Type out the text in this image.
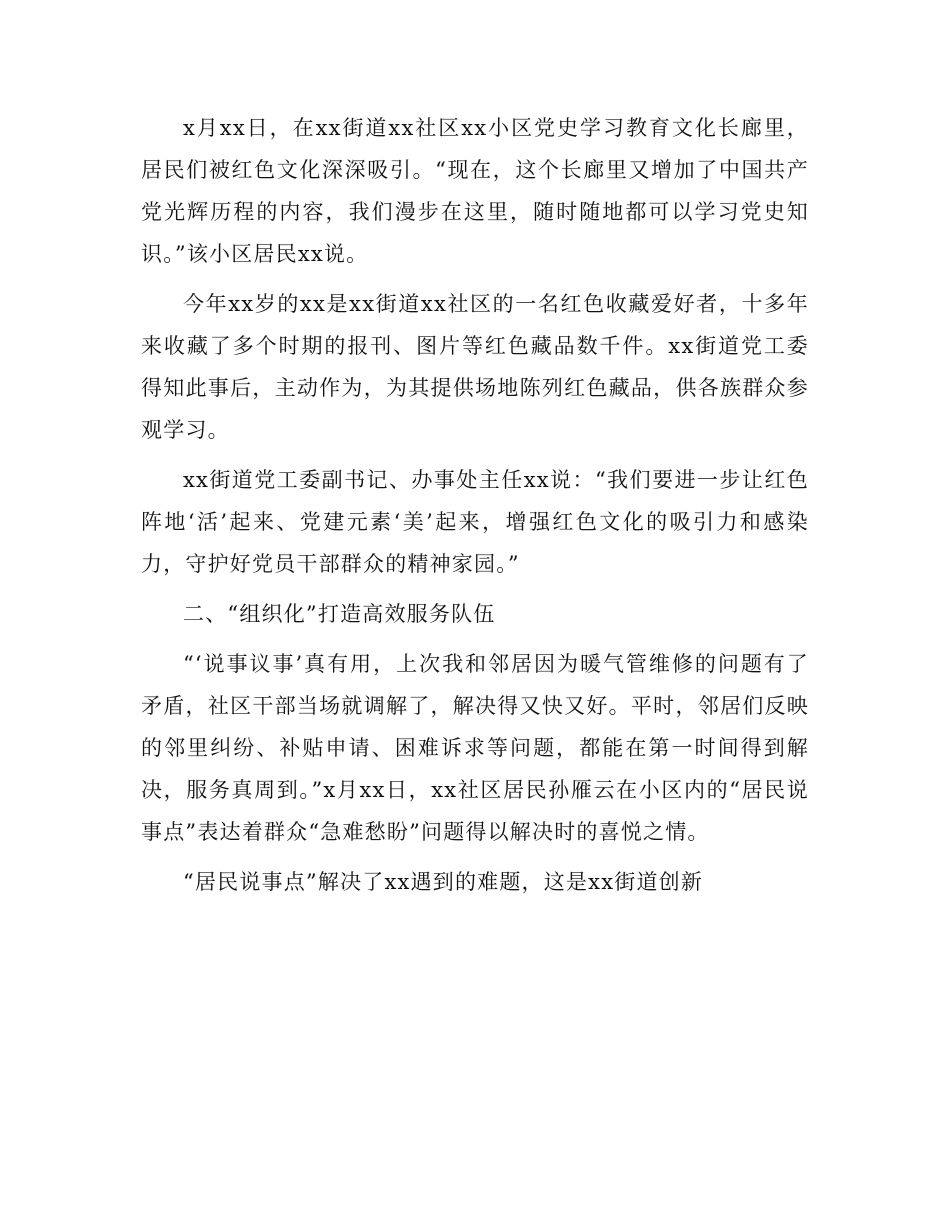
x月xx日，在xx街道xx社区xx小区党史学习教育文化长廊里，居民们被红色文化深深吸引。“现在，这个长廊里又增加了中国共产党光辉历程的内容，我们漫步在这里，随时随地都可以学习党史知识。”该小区居民xx说。

今年xx岁的xx是xx街道xx社区的一名红色收藏爱好者，十多年来收藏了多个时期的报刊、图片等红色藏品数千件。xx街道党工委得知此事后，主动作为，为其提供场地陈列红色藏品，供各族群众参观学习。

xx街道党工委副书记、办事处主任xx说：“我们要进一步让红色阵地‘活’起来、党建元素‘美’起来，增强红色文化的吸引力和感染力，守护好党员干部群众的精神家园。”

二、“组织化”打造高效服务队伍

“‘说事议事’真有用，上次我和邻居因为暖气管维修的问题有了矛盾，社区干部当场就调解了，解决得又快又好。平时，邻居们反映的邻里纠纷、补贴申请、困难诉求等问题，都能在第一时间得到解决，服务真周到。”x月xx日，xx社区居民孙雁云在小区内的“居民说事点”表达着群众“急难愁盼”问题得以解决时的喜悦之情。

“居民说事点”解决了xx遇到的难题，这是xx街道创新
